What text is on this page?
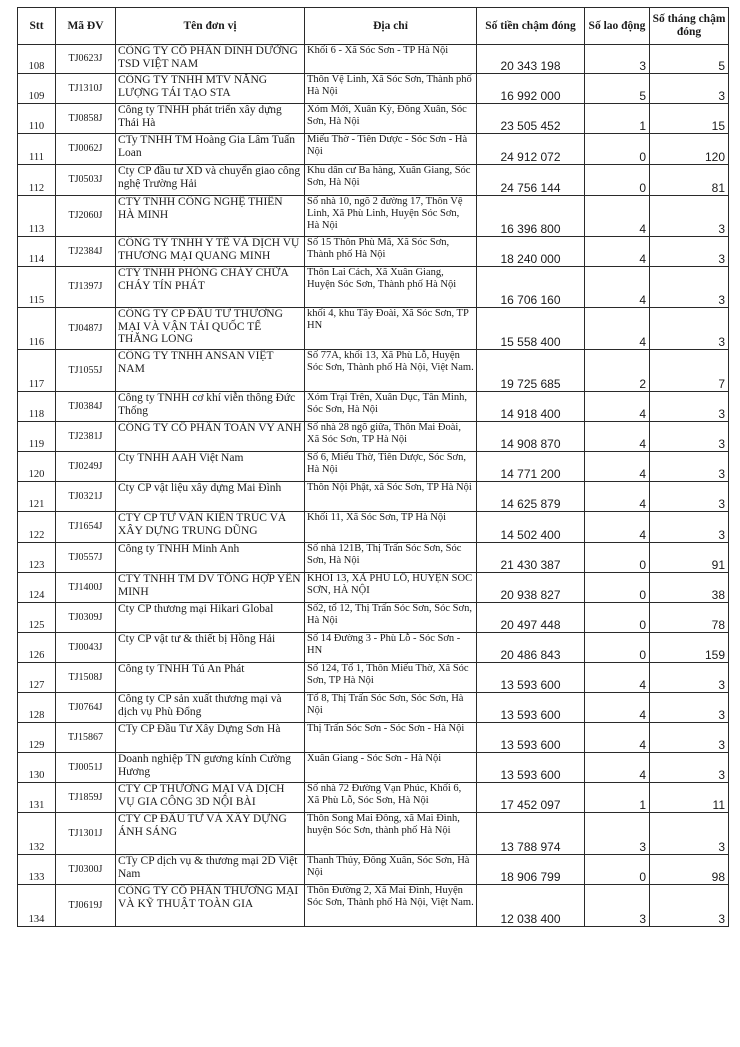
Stt	Mã ĐV	Tên đơn vị	Địa chỉ	Số tiền chậm đóng	Số lao động	Số tháng chậm đóng
108	TJ0623J	CÔNG TY CỔ PHẦN DINH DƯỠNG TSD VIỆT NAM	Khối 6 - Xã Sóc Sơn - TP Hà Nội	20 343 198	3	5
109	TJ1310J	CÔNG TY TNHH MTV NĂNG LƯỢNG TÁI TẠO STA	Thôn Vệ Linh, Xã Sóc Sơn, Thành phố Hà Nội	16 992 000	5	3
110	TJ0858J	Công ty TNHH phát triển xây dựng Thái Hà	Xóm Mới, Xuân Kỳ, Đông Xuân, Sóc Sơn, Hà Nội	23 505 452	1	15
111	TJ0062J	CTy TNHH TM Hoàng Gia Lâm Tuấn Loan	Miếu Thờ - Tiên Dược - Sóc Sơn - Hà Nội	24 912 072	0	120
112	TJ0503J	Cty CP đầu tư XD và chuyển giao công nghệ Trường Hải	Khu dân cư Ba hàng, Xuân Giang, Sóc Sơn, Hà Nội	24 756 144	0	81
113	TJ2060J	CTY TNHH CÔNG NGHỆ THIÊN HÀ MINH	Số nhà 10, ngõ 2 đường 17, Thôn Vệ Linh, Xã Phù Linh, Huyện Sóc Sơn, Hà Nội	16 396 800	4	3
114	TJ2384J	CÔNG TY TNHH Y TẾ VÀ DỊCH VỤ THƯƠNG MẠI QUANG MINH	Số 15 Thôn Phù Mã, Xã Sóc Sơn, Thành phố Hà Nội	18 240 000	4	3
115	TJ1397J	CTY TNHH PHÒNG CHÁY CHỮA CHÁY TÍN PHÁT	Thôn Lai Cách, Xã Xuân Giang, Huyện Sóc Sơn, Thành phố Hà Nội	16 706 160	4	3
116	TJ0487J	CÔNG TY CP ĐẦU TƯ THƯƠNG MẠI VÀ VẬN TẢI QUỐC TẾ THĂNG LONG	khối 4, khu Tây Đoài, Xã Sóc Sơn, TP HN	15 558 400	4	3
117	TJ1055J	CÔNG TY TNHH ANSAN VIỆT NAM	Số 77A, khối 13, Xã Phù Lỗ, Huyện Sóc Sơn, Thành phố Hà Nội, Việt Nam.	19 725 685	2	7
118	TJ0384J	Công ty TNHH cơ khí viễn thông Đức Thống	Xóm Trại Trên, Xuân Dục, Tân Minh, Sóc Sơn, Hà Nội	14 918 400	4	3
119	TJ2381J	CÔNG TY CỔ PHẦN TOÀN VY ANH	Số nhà 28 ngõ giữa, Thôn Mai Đoài, Xã Sóc Sơn, TP Hà Nội	14 908 870	4	3
120	TJ0249J	Cty TNHH AAH Việt Nam	Số 6, Miếu Thờ, Tiên Dược, Sóc Sơn, Hà Nội	14 771 200	4	3
121	TJ0321J	Cty CP vật liệu xây dựng Mai Đình	Thôn Nội Phật, xã Sóc Sơn, TP Hà Nội	14 625 879	4	3
122	TJ1654J	CTY CP TƯ VẤN KIẾN TRÚC VÀ XÂY DỰNG TRUNG DŨNG	Khối 11, Xã Sóc Sơn, TP Hà Nội	14 502 400	4	3
123	TJ0557J	Công ty TNHH Minh Anh	Số nhà 121B, Thị Trấn Sóc Sơn, Sóc Sơn, Hà Nội	21 430 387	0	91
124	TJ1400J	CTY TNHH TM DV TỔNG HỢP YẾN MINH	KHỐI 13, XÃ PHÙ LỖ, HUYỆN SÓC SƠN, HÀ NỘI	20 938 827	0	38
125	TJ0309J	Cty CP thương mại Hikari Global	Số2, tổ 12, Thị Trấn Sóc Sơn, Sóc Sơn, Hà Nội	20 497 448	0	78
126	TJ0043J	Cty CP vật tư & thiết bị Hồng Hải	Số 14 Đường 3 - Phù Lỗ - Sóc Sơn - HN	20 486 843	0	159
127	TJ1508J	Công ty TNHH Tú An Phát	Số 124, Tổ 1, Thôn Miếu Thờ, Xã Sóc Sơn, TP Hà Nội	13 593 600	4	3
128	TJ0764J	Công ty CP sản xuất thương mại và dịch vụ Phù Đổng	Tổ 8, Thị Trấn Sóc Sơn, Sóc Sơn, Hà Nội	13 593 600	4	3
129	TJ15867	CTy CP Đầu Tư Xây Dựng Sơn Hà	Thị Trấn Sóc Sơn - Sóc Sơn - Hà Nội	13 593 600	4	3
130	TJ0051J	Doanh nghiệp TN gương kính Cường Hương	Xuân Giang - Sóc Sơn - Hà Nội	13 593 600	4	3
131	TJ1859J	CTY CP THƯƠNG MẠI VÀ DỊCH VỤ GIA CÔNG 3D NỘI BÀI	Số nhà 72 Đường Vạn Phúc, Khối 6, Xã Phù Lỗ, Sóc Sơn, Hà Nội	17 452 097	1	11
132	TJ1301J	CTY CP ĐẦU TƯ VÀ XÂY DỰNG ÁNH SÁNG	Thôn Song Mai Đông, xã Mai Đình, huyện Sóc Sơn, thành phố Hà Nội	13 788 974	3	3
133	TJ0300J	CTy CP dịch vụ & thương mại 2D Việt Nam	Thanh Thủy, Đông Xuân, Sóc Sơn, Hà Nội	18 906 799	0	98
134	TJ0619J	CÔNG TY CỔ PHẦN THƯƠNG MẠI VÀ KỸ THUẬT TOÀN GIA	Thôn Đường 2, Xã Mai Đình, Huyện Sóc Sơn, Thành phố Hà Nội, Việt Nam.	12 038 400	3	3
